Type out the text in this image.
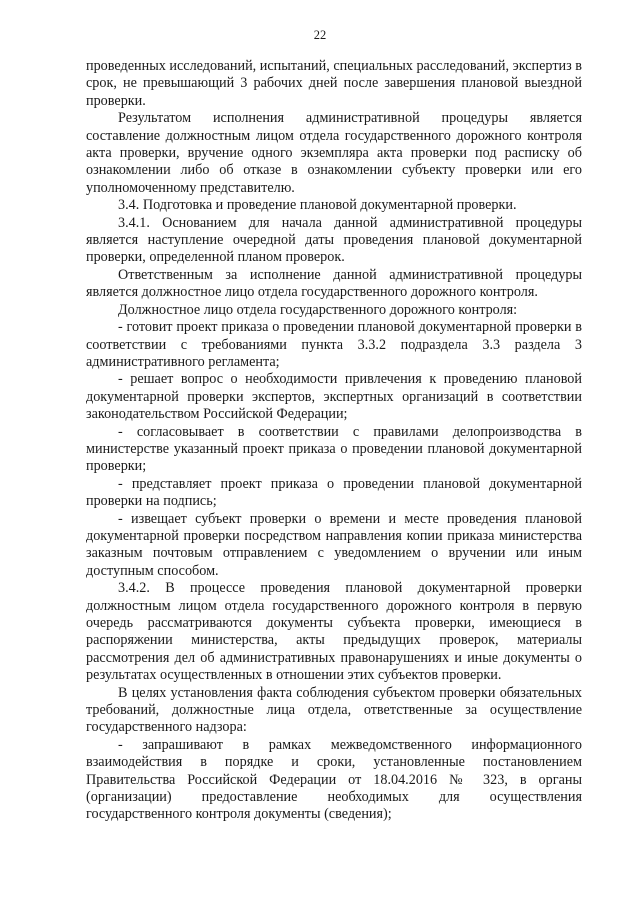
22

проведенных исследований, испытаний, специальных расследований, экспертиз в срок, не превышающий 3 рабочих дней после завершения плановой выездной проверки.

Результатом исполнения административной процедуры является составление должностным лицом отдела государственного дорожного контроля акта проверки, вручение одного экземпляра акта проверки под расписку об ознакомлении либо об отказе в ознакомлении субъекту проверки или его уполномоченному представителю.

3.4. Подготовка и проведение плановой документарной проверки.

3.4.1. Основанием для начала данной административной процедуры является наступление очередной даты проведения плановой документарной проверки, определенной планом проверок.

Ответственным за исполнение данной административной процедуры является должностное лицо отдела государственного дорожного контроля.

Должностное лицо отдела государственного дорожного контроля:

- готовит проект приказа о проведении плановой документарной проверки в соответствии с требованиями пункта 3.3.2 подраздела 3.3 раздела 3 административного регламента;

- решает вопрос о необходимости привлечения к проведению плановой документарной проверки экспертов, экспертных организаций в соответствии законодательством Российской Федерации;

- согласовывает в соответствии с правилами делопроизводства в министерстве указанный проект приказа о проведении плановой документарной проверки;

- представляет проект приказа о проведении плановой документарной проверки на подпись;

- извещает субъект проверки о времени и месте проведения плановой документарной проверки посредством направления копии приказа министерства заказным почтовым отправлением с уведомлением о вручении или иным доступным способом.

3.4.2. В процессе проведения плановой документарной проверки должностным лицом отдела государственного дорожного контроля в первую очередь рассматриваются документы субъекта проверки, имеющиеся в распоряжении министерства, акты предыдущих проверок, материалы рассмотрения дел об административных правонарушениях и иные документы о результатах осуществленных в отношении этих субъектов проверки.

В целях установления факта соблюдения субъектом проверки обязательных требований, должностные лица отдела, ответственные за осуществление государственного надзора:

- запрашивают в рамках межведомственного информационного взаимодействия в порядке и сроки, установленные постановлением Правительства Российской Федерации от 18.04.2016 № 323, в органы (организации) предоставление необходимых для осуществления государственного контроля документы (сведения);
